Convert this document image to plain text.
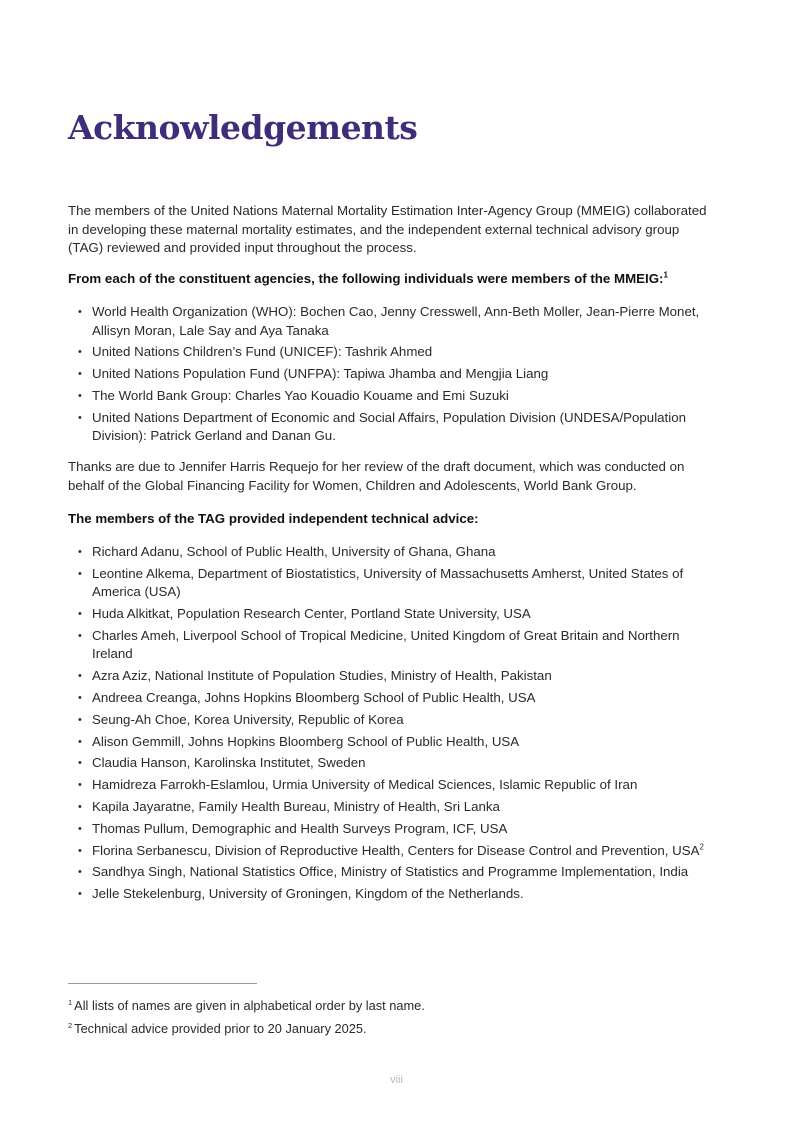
Acknowledgements

The members of the United Nations Maternal Mortality Estimation Inter-Agency Group (MMEIG) collaborated in developing these maternal mortality estimates, and the independent external technical advisory group (TAG) reviewed and provided input throughout the process.

From each of the constituent agencies, the following individuals were members of the MMEIG:$^1$

• World Health Organization (WHO): Bochen Cao, Jenny Cresswell, Ann-Beth Moller, Jean-Pierre Monet, Allisyn Moran, Lale Say and Aya Tanaka
• United Nations Children’s Fund (UNICEF): Tashrik Ahmed
• United Nations Population Fund (UNFPA): Tapiwa Jhamba and Mengjia Liang
• The World Bank Group: Charles Yao Kouadio Kouame and Emi Suzuki
• United Nations Department of Economic and Social Affairs, Population Division (UNDESA/Population Division): Patrick Gerland and Danan Gu.

Thanks are due to Jennifer Harris Requejo for her review of the draft document, which was conducted on behalf of the Global Financing Facility for Women, Children and Adolescents, World Bank Group.

The members of the TAG provided independent technical advice:

• Richard Adanu, School of Public Health, University of Ghana, Ghana
• Leontine Alkema, Department of Biostatistics, University of Massachusetts Amherst, United States of America (USA)
• Huda Alkitkat, Population Research Center, Portland State University, USA
• Charles Ameh, Liverpool School of Tropical Medicine, United Kingdom of Great Britain and Northern Ireland
• Azra Aziz, National Institute of Population Studies, Ministry of Health, Pakistan
• Andreea Creanga, Johns Hopkins Bloomberg School of Public Health, USA
• Seung-Ah Choe, Korea University, Republic of Korea
• Alison Gemmill, Johns Hopkins Bloomberg School of Public Health, USA
• Claudia Hanson, Karolinska Institutet, Sweden
• Hamidreza Farrokh-Eslamlou, Urmia University of Medical Sciences, Islamic Republic of Iran
• Kapila Jayaratne, Family Health Bureau, Ministry of Health, Sri Lanka
• Thomas Pullum, Demographic and Health Surveys Program, ICF, USA
• Florina Serbanescu, Division of Reproductive Health, Centers for Disease Control and Prevention, USA$^2$
• Sandhya Singh, National Statistics Office, Ministry of Statistics and Programme Implementation, India
• Jelle Stekelenburg, University of Groningen, Kingdom of the Netherlands.
$^1$ All lists of names are given in alphabetical order by last name.
$^2$ Technical advice provided prior to 20 January 2025.
viii
